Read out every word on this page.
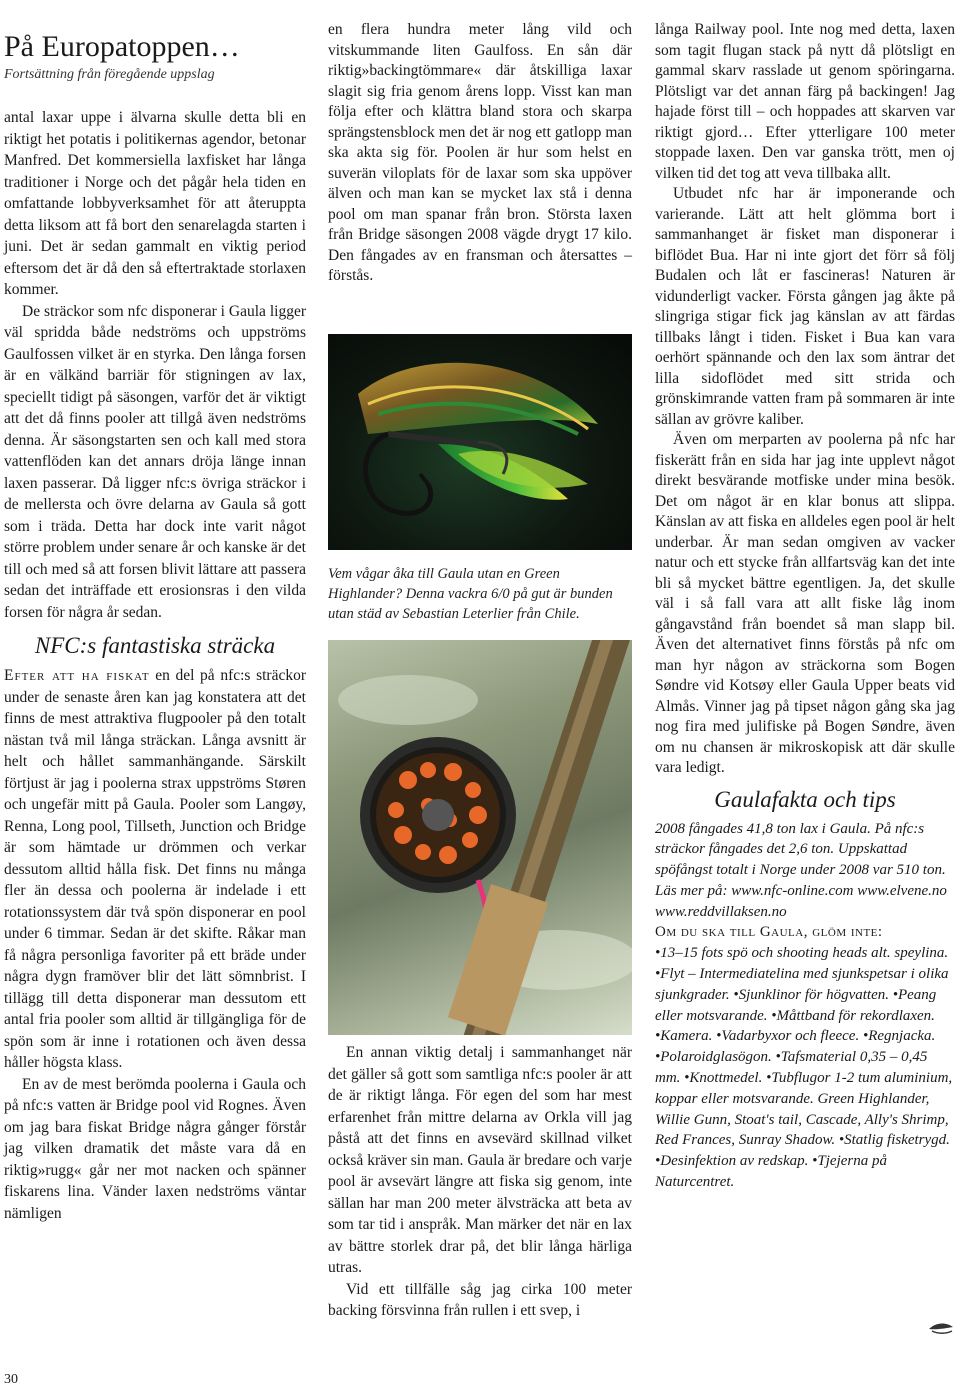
På Europatoppen…
Fortsättning från föregående uppslag

antal laxar uppe i älvarna skulle detta bli en riktigt het potatis i politikernas agendor, betonar Manfred. Det kommersiella laxfisket har långa traditioner i Norge och det pågår hela tiden en omfattande lobbyverksamhet för att återuppta detta liksom att få bort den senarelagda starten i juni. Det är sedan gammalt en viktig period eftersom det är då den så eftertraktade storlaxen kommer.

De sträckor som nfc disponerar i Gaula ligger väl spridda både nedströms och uppströms Gaulfossen vilket är en styrka. Den långa forsen är en välkänd barriär för stigningen av lax, speciellt tidigt på säsongen, varför det är viktigt att det då finns pooler att tillgå även nedströms denna. Är säsongstarten sen och kall med stora vattenflöden kan det annars dröja länge innan laxen passerar. Då ligger nfc:s övriga sträckor i de mellersta och övre delarna av Gaula så gott som i träda. Detta har dock inte varit något större problem under senare år och kanske är det till och med så att forsen blivit lättare att passera sedan det inträffade ett erosionsras i den vilda forsen för några år sedan.

NFC:s fantastiska sträcka

Efter att ha fiskat en del på nfc:s sträckor under de senaste åren kan jag konstatera att det finns de mest attraktiva flugpooler på den totalt nästan två mil långa sträckan. Långa avsnitt är helt och hållet sammanhängande. Särskilt förtjust är jag i poolerna strax uppströms Støren och ungefär mitt på Gaula. Pooler som Langøy, Renna, Long pool, Tillseth, Junction och Bridge är som hämtade ur drömmen och verkar dessutom alltid hålla fisk. Det finns nu många fler än dessa och poolerna är indelade i ett rotationssystem där två spön disponerar en pool under 6 timmar. Sedan är det skifte. Råkar man få några personliga favoriter på ett bräde under några dygn framöver blir det lätt sömnbrist. I tillägg till detta disponerar man dessutom ett antal fria pooler som alltid är tillgängliga för de spön som är inne i rotationen och även dessa håller högsta klass.

En av de mest berömda poolerna i Gaula och på nfc:s vatten är Bridge pool vid Rognes. Även om jag bara fiskat Bridge några gånger förstår jag vilken dramatik det måste vara då en riktig»rugg« går ner mot nacken och spänner fiskarens lina. Vänder laxen nedströms väntar nämligen

en flera hundra meter lång vild och vitskummande liten Gaulfoss. En sån där riktig»backingtömmare« där åtskilliga laxar slagit sig fria genom årens lopp. Visst kan man följa efter och klättra bland stora och skarpa sprängstensblock men det är nog ett gatlopp man ska akta sig för. Poolen är hur som helst en suverän viloplats för de laxar som ska uppöver älven och man kan se mycket lax stå i denna pool om man spanar från bron. Största laxen från Bridge säsongen 2008 vägde drygt 17 kilo. Den fångades av en fransman och återsattes – förstås.

Vem vågar åka till Gaula utan en Green Highlander? Denna vackra 6/0 på gut är bunden utan städ av Sebastian Leterlier från Chile.

En annan viktig detalj i sammanhanget när det gäller så gott som samtliga nfc:s pooler är att de är riktigt långa. För egen del som har mest erfarenhet från mittre delarna av Orkla vill jag påstå att det finns en avsevärd skillnad vilket också kräver sin man. Gaula är bredare och varje pool är avsevärt längre att fiska sig genom, inte sällan har man 200 meter älvsträcka att beta av som tar tid i anspråk. Man märker det när en lax av bättre storlek drar på, det blir långa härliga utras.

Vid ett tillfälle såg jag cirka 100 meter backing försvinna från rullen i ett svep, i

långa Railway pool. Inte nog med detta, laxen som tagit flugan stack på nytt då plötsligt en gammal skarv rasslade ut genom spöringarna. Plötsligt var det annan färg på backingen! Jag hajade först till – och hoppades att skarven var riktigt gjord… Efter ytterligare 100 meter stoppade laxen. Den var ganska trött, men oj vilken tid det tog att veva tillbaka allt.

Utbudet nfc har är imponerande och varierande. Lätt att helt glömma bort i sammanhanget är fisket man disponerar i biflödet Bua. Har ni inte gjort det förr så följ Budalen och låt er fascineras! Naturen är vidunderligt vacker. Första gången jag åkte på slingriga stigar fick jag känslan av att färdas tillbaks långt i tiden. Fisket i Bua kan vara oerhört spännande och den lax som äntrar det lilla sidoflödet med sitt strida och grönskimrande vatten fram på sommaren är inte sällan av grövre kaliber.

Även om merparten av poolerna på nfc har fiskerätt från en sida har jag inte upplevt något direkt besvärande motfiske under mina besök. Det om något är en klar bonus att slippa. Känslan av att fiska en alldeles egen pool är helt underbar. Är man sedan omgiven av vacker natur och ett stycke från allfartsväg kan det inte bli så mycket bättre egentligen. Ja, det skulle väl i så fall vara att allt fiske låg inom gångavstånd från boendet så man slapp bil. Även det alternativet finns förstås på nfc om man hyr någon av sträckorna som Bogen Søndre vid Kotsøy eller Gaula Upper beats vid Almås. Vinner jag på tipset någon gång ska jag nog fira med julifiske på Bogen Søndre, även om nu chansen är mikroskopisk att där skulle vara ledigt.

Gaulafakta och tips

2008 fångades 41,8 ton lax i Gaula. På nfc:s sträckor fångades det 2,6 ton. Uppskattad spöfångst totalt i Norge under 2008 var 510 ton. Läs mer på: www.nfc-online.com www.elvene.no www.reddvillaksen.no

Om du ska till Gaula, glöm inte:

•13–15 fots spö och shooting heads alt. speylina. •Flyt – Intermediatelina med sjunkspetsar i olika sjunkgrader. •Sjunklinor för högvatten. •Peang eller motsvarande. •Måttband för rekordlaxen. •Kamera. •Vadarbyxor och fleece. •Regnjacka. •Polaroidglasögon. •Tafsmaterial 0,35 – 0,45 mm. •Knottmedel. •Tubflugor 1-2 tum aluminium, koppar eller motsvarande. Green Highlander, Willie Gunn, Stoat's tail, Cascade, Ally's Shrimp, Red Frances, Sunray Shadow. •Statlig fisketrygd. •Desinfektion av redskap. •Tjejerna på Naturcentret.

30
